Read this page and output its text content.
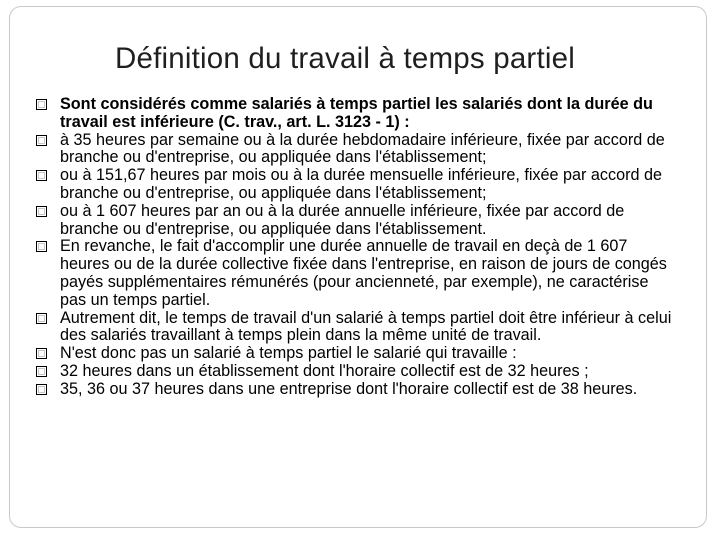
Définition du travail à temps partiel
Sont considérés comme salariés à temps partiel les salariés dont la durée du travail est inférieure (C. trav., art. L. 3123 - 1) :
à 35 heures par semaine ou à la durée hebdomadaire inférieure, fixée par accord de branche ou d'entreprise, ou appliquée dans l'établissement;
ou à 151,67 heures par mois ou à la durée mensuelle inférieure, fixée par accord de branche ou d'entreprise, ou appliquée dans l'établissement;
ou à 1 607 heures par an ou à la durée annuelle inférieure, fixée par accord de branche ou d'entreprise, ou appliquée dans l'établissement.
En revanche, le fait d'accomplir une durée annuelle de travail en deçà de 1 607 heures ou de la durée collective fixée dans l'entreprise, en raison de jours de congés payés supplémentaires rémunérés (pour ancienneté, par exemple), ne caractérise pas un temps partiel.
Autrement dit, le temps de travail d'un salarié à temps partiel doit être inférieur à celui des salariés travaillant à temps plein dans la même unité de travail.
N'est donc pas un salarié à temps partiel le salarié qui travaille :
32 heures dans un établissement dont l'horaire collectif est de 32 heures ;
35, 36 ou 37 heures dans une entreprise dont l'horaire collectif est de 38 heures.
